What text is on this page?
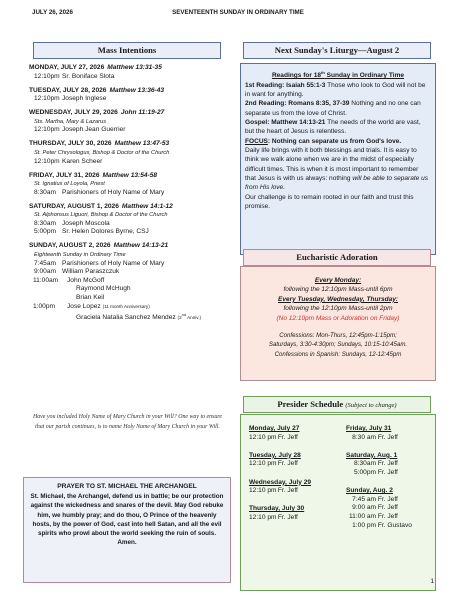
JULY 26, 2026	SEVENTEENTH SUNDAY IN ORDINARY TIME
Mass Intentions
MONDAY, JULY 27, 2026 Matthew 13:31-35
12:10pm Sr. Boniface Slota
TUESDAY, JULY 28, 2026 Matthew 13:36-43
12:10pm Joseph Inglese
WEDNESDAY, JULY 29, 2026 John 11:19-27
Sts. Martha, Mary & Lazarus
12:10pm Joseph Jean Guerrier
THURSDAY, JULY 30, 2026 Matthew 13:47-53
St. Peter Chrysologus, Bishop & Doctor of the Church
12:10pm Karen Scheer
FRIDAY, JULY 31, 2026 Matthew 13:54-58
St. Ignatius of Loyola, Priest
8:30am Parishioners of Holy Name of Mary
SATURDAY, AUGUST 1, 2026 Matthew 14:1-12
St. Alphonsus Liguori, Bishop & Doctor of the Church
8:30am Joseph Moscola
5:00pm Sr. Helen Dolores Byrne, CSJ
SUNDAY, AUGUST 2, 2026 Matthew 14:13-21
Eighteenth Sunday in Ordinary Time
7:45am Parishioners of Holy Name of Mary
9:00am William Paraszczuk
11:00am	John McGoff
Raymond McHugh
Brian Keil
1:00pm	Jose Lopez
(11 month Anniversary)
Graciela Natalia Sanchez Mendez (2nd Anniv.)
Have you included Holy Name of Mary Church in your Will? One way to ensure that our parish continues, is to name Holy Name of Mary Church in your Will.
PRAYER TO ST. MICHAEL THE ARCHANGEL
St. Michael, the Archangel, defend us in battle; be our protection against the wickedness and snares of the devil. May God rebuke him, we humbly pray; and do thou, O Prince of the heavenly hosts, by the power of God, cast into hell Satan, and all the evil spirits who prowl about the world seeking the ruin of souls. Amen.
Next Sunday's Liturgy—August 2
Readings for 18th Sunday in Ordinary Time
1st Reading: Isaiah 55:1-3 Those who look to God will not be in want for anything.
2nd Reading: Romans 8:35, 37-39 Nothing and no one can separate us from the love of Christ.
Gospel: Matthew 14:13-21 The needs of the world are vast, but the heart of Jesus is relentless.
FOCUS: Nothing can separate us from God's love.
Daily life brings with it both blessings and trials. It is easy to think we walk alone when we are in the midst of especially difficult times. This is when it is most important to remember that Jesus is with us always: nothing will be able to separate us from His love.
Our challenge is to remain rooted in our faith and trust this promise.
Eucharistic Adoration
Every Monday:
following the 12:10pm Mass-until 6pm
Every Tuesday, Wednesday, Thursday:
following the 12:10pm Mass-until 2pm
(No 12:10pm Mass or Adoration on Friday)
Confessions: Mon-Thurs, 12:45pm-1:15pm;
Saturdays, 3:30-4:30pm; Sundays, 10:15-10:45am.
Confessions in Spanish: Sundays, 12-12:45pm
Presider Schedule (Subject to change)
Monday, July 27
12:10 pm Fr. Jeff
Tuesday, July 28
12:10 pm Fr. Jeff
Wednesday, July 29
12:10 pm Fr. Jeff
Thursday, July 30
12:10 pm Fr. Jeff
Friday, July 31
8:30 am Fr. Jeff
Saturday, Aug. 1
8:30am Fr. Jeff
5:00pm Fr. Jeff
Sunday, Aug. 2
7:45 am Fr. Jeff
9:00 am Fr. Jeff
11:00 am Fr. Jeff
1:00 pm Fr. Gustavo
1
